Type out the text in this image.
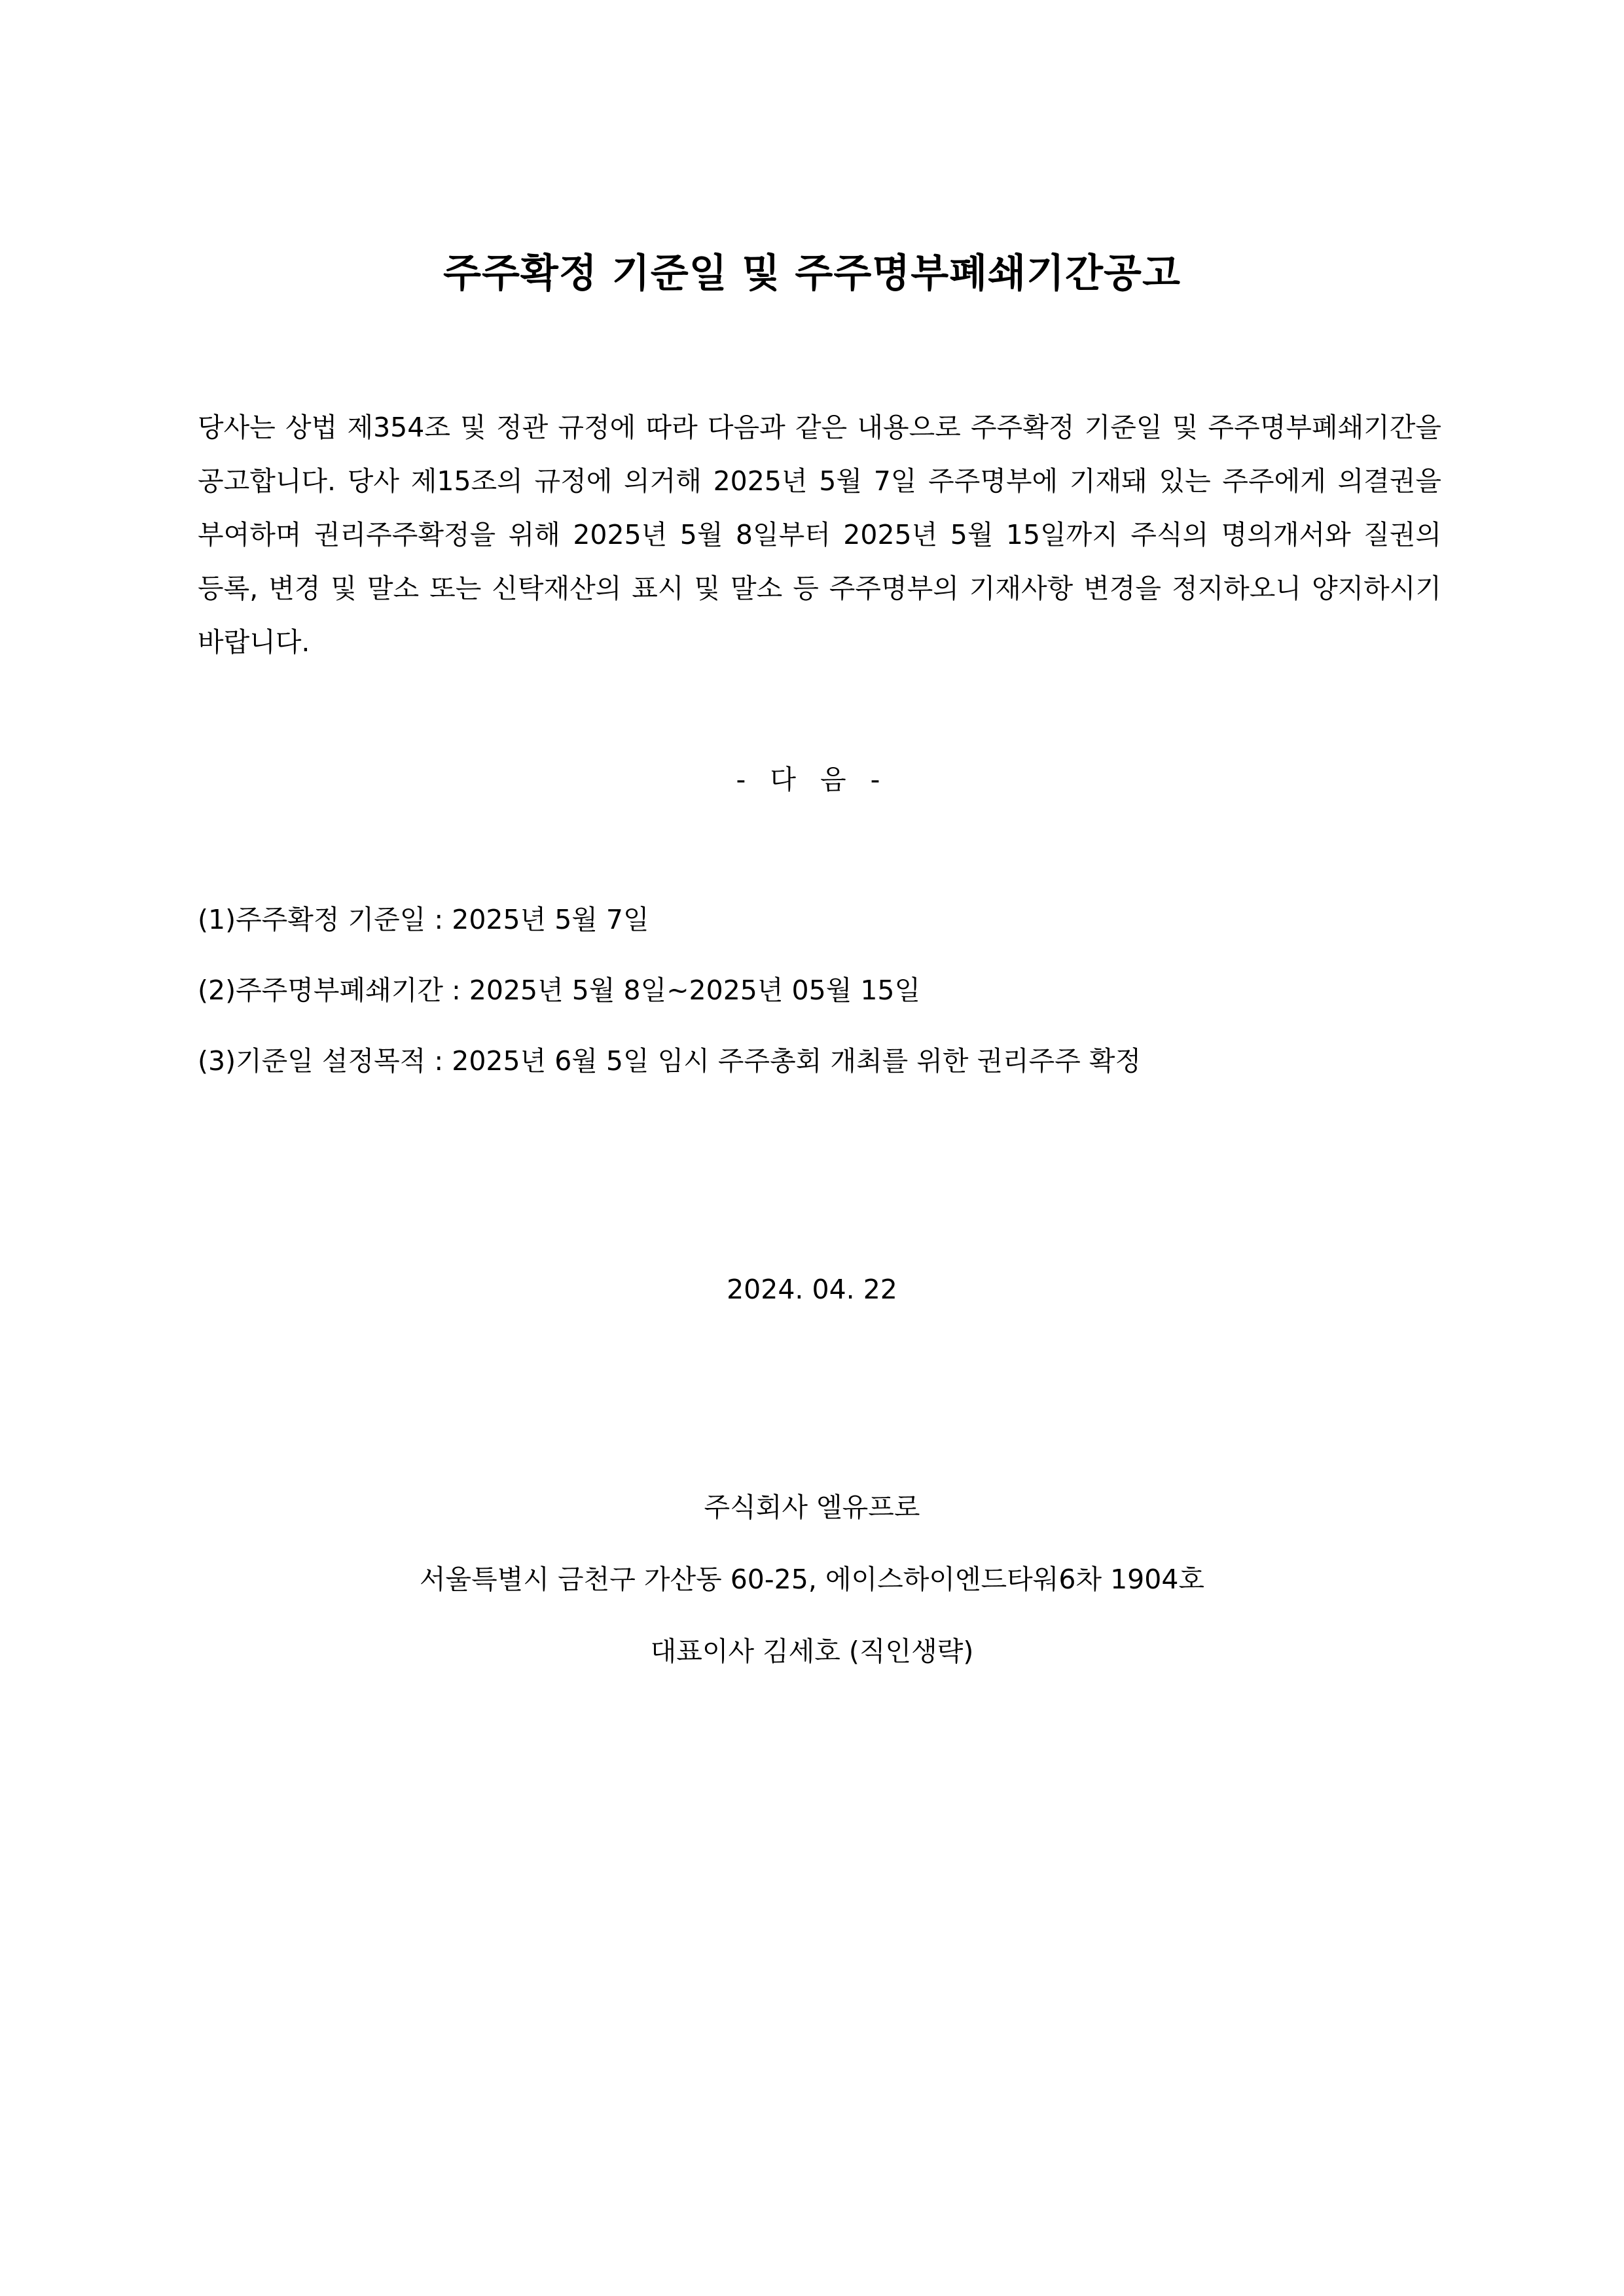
주주확정 기준일 및 주주명부폐쇄기간공고

당사는 상법 제354조 및 정관 규정에 따라 다음과 같은 내용으로 주주확정 기준일 및 주주명부폐쇄기간을 공고합니다. 당사 제15조의 규정에 의거해 2025년 5월 7일 주주명부에 기재돼 있는 주주에게 의결권을 부여하며 권리주주확정을 위해 2025년 5월 8일부터 2025년 5월 15일까지 주식의 명의개서와 질권의 등록, 변경 및 말소 또는 신탁재산의 표시 및 말소 등 주주명부의 기재사항 변경을 정지하오니 양지하시기 바랍니다.

- 다 음 -

(1)주주확정 기준일 : 2025년 5월 7일
(2)주주명부폐쇄기간 : 2025년 5월 8일~2025년 05월 15일
(3)기준일 설정목적 : 2025년 6월 5일 임시 주주총회 개최를 위한 권리주주 확정

2024. 04. 22

주식회사 엘유프로
서울특별시 금천구 가산동 60-25, 에이스하이엔드타워6차 1904호
대표이사 김세호 (직인생략)
